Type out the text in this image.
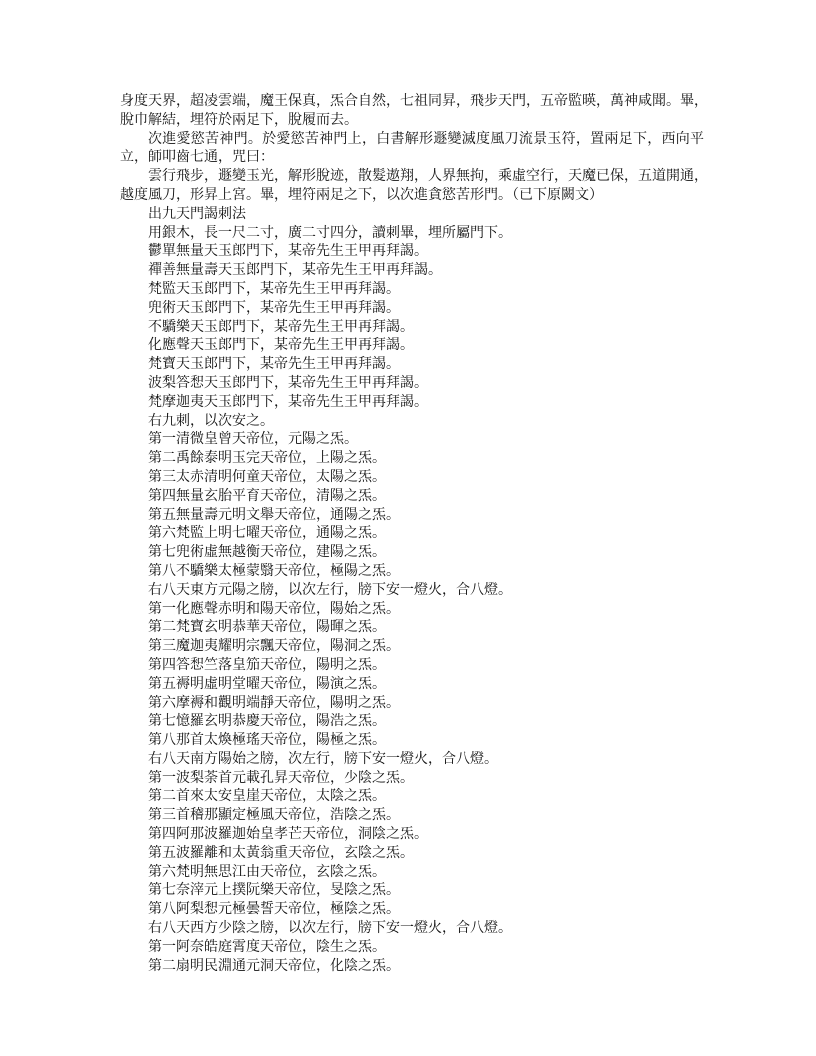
身度天界，超凌雲端，魔王保真，炁合自然，七祖同昇，飛步天門，五帝監暎，萬神咸聞。畢，
脫巾解結，埋符於兩足下，脫履而去。
次進愛慾苦神門。於愛慾苦神門上，白書解形遯變滅度風刀流景玉符，置兩足下，西向平
立，師叩齒七通，咒曰：
雲行飛步，遯變玉光，解形脫迹，散髮遨翔，人界無拘，乘虛空行，天魔已保，五道開通，
越度風刀，形昇上宮。畢，埋符兩足之下，以次進貪慾苦形門。（已下原闕文）
出九天門謁刺法
用銀木，長一尺二寸，廣二寸四分，讀刺畢，埋所屬門下。
鬱單無量天玉郎門下，某帝先生王甲再拜謁。
禪善無量壽天玉郎門下，某帝先生王甲再拜謁。
梵監天玉郎門下，某帝先生王甲再拜謁。
兜術天玉郎門下，某帝先生王甲再拜謁。
不驕樂天玉郎門下，某帝先生王甲再拜謁。
化應聲天玉郎門下，某帝先生王甲再拜謁。
梵寶天玉郎門下，某帝先生王甲再拜謁。
波梨答惒天玉郎門下，某帝先生王甲再拜謁。
梵摩迦夷天玉郎門下，某帝先生王甲再拜謁。
右九刺，以次安之。
第一清微皇曾天帝位，元陽之炁。
第二禹餘泰明玉完天帝位，上陽之炁。
第三太赤清明何童天帝位，太陽之炁。
第四無量玄胎平育天帝位，清陽之炁。
第五無量壽元明文舉天帝位，通陽之炁。
第六梵監上明七曜天帝位，通陽之炁。
第七兜術虛無越衡天帝位，建陽之炁。
第八不驕樂太極蒙翳天帝位，極陽之炁。
右八天東方元陽之牓，以次左行，牓下安一燈火，合八燈。
第一化應聲赤明和陽天帝位，陽始之炁。
第二梵寶玄明恭華天帝位，陽暉之炁。
第三魔迦夷耀明宗飄天帝位，陽洞之炁。
第四答惒竺落皇笳天帝位，陽明之炁。
第五褥明虛明堂曜天帝位，陽演之炁。
第六摩褥和觀明端靜天帝位，陽明之炁。
第七憶羅玄明恭慶天帝位，陽浩之炁。
第八那首太煥極瑤天帝位，陽極之炁。
右八天南方陽始之牓，次左行，牓下安一燈火，合八燈。
第一波梨荼首元載孔昇天帝位，少陰之炁。
第二首來太安皇崖天帝位，太陰之炁。
第三首稽那顯定極風天帝位，浩陰之炁。
第四阿那波羅迦始皇孝芒天帝位，洞陰之炁。
第五波羅離和太黃翁重天帝位，玄陰之炁。
第六梵明無思江由天帝位，玄陰之炁。
第七奈滓元上撲阮樂天帝位，旻陰之炁。
第八阿梨惒元極曇誓天帝位，極陰之炁。
右八天西方少陰之牓，以次左行，牓下安一燈火，合八燈。
第一阿奈皓庭霄度天帝位，陰生之炁。
第二扇明民淵通元洞天帝位，化陰之炁。
